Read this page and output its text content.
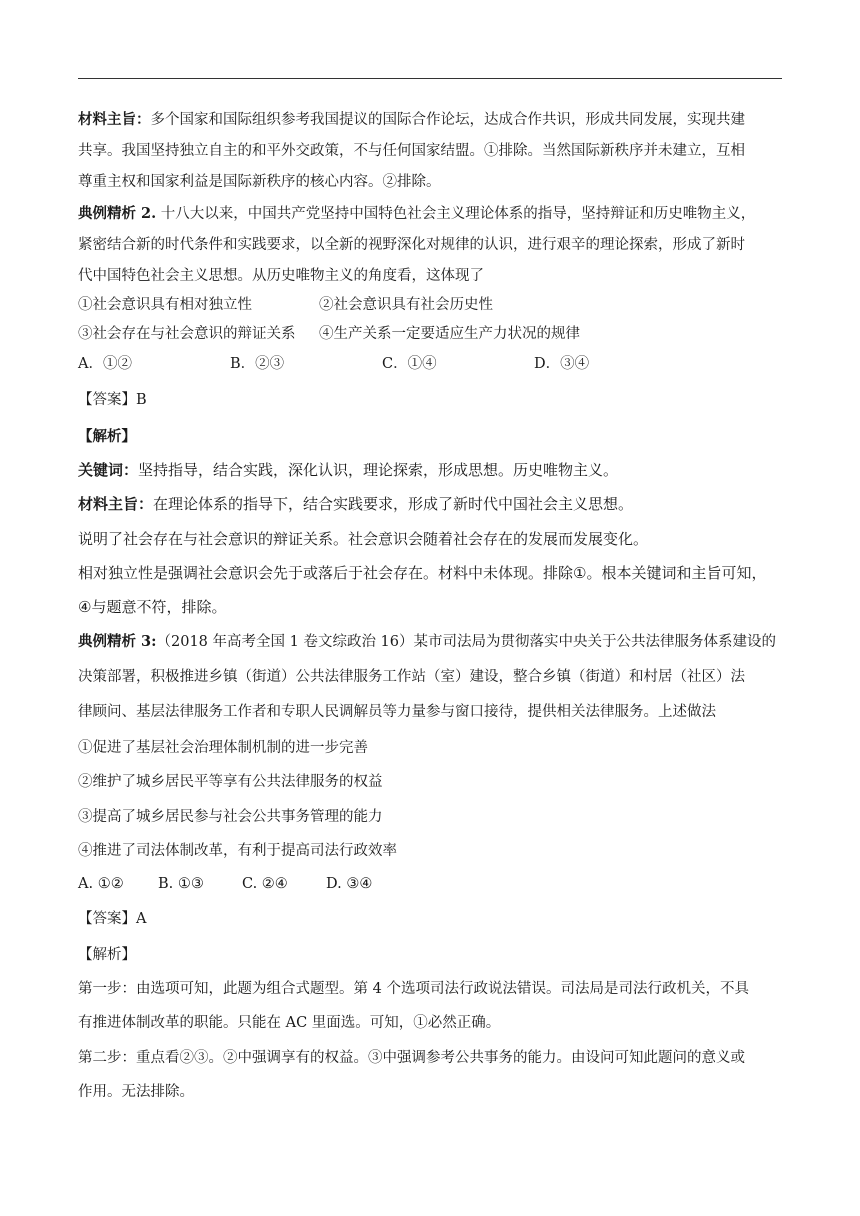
材料主旨：多个国家和国际组织参考我国提议的国际合作论坛，达成合作共识，形成共同发展，实现共建
共享。我国坚持独立自主的和平外交政策，不与任何国家结盟。①排除。当然国际新秩序并未建立，互相
尊重主权和国家利益是国际新秩序的核心内容。②排除。
典例精析 2. 十八大以来，中国共产党坚持中国特色社会主义理论体系的指导，坚持辩证和历史唯物主义，
紧密结合新的时代条件和实践要求，以全新的视野深化对规律的认识，进行艰辛的理论探索，形成了新时
代中国特色社会主义思想。从历史唯物主义的角度看，这体现了
①社会意识具有相对独立性	②社会意识具有社会历史性
③社会存在与社会意识的辩证关系 ④生产关系一定要适应生产力状况的规律
A．①②	B．②③	C．①④	D．③④
【答案】B
【解析】
关键词：坚持指导，结合实践，深化认识，理论探索，形成思想。历史唯物主义。
材料主旨：在理论体系的指导下，结合实践要求，形成了新时代中国社会主义思想。
说明了社会存在与社会意识的辩证关系。社会意识会随着社会存在的发展而发展变化。
相对独立性是强调社会意识会先于或落后于社会存在。材料中未体现。排除①。根本关键词和主旨可知，
④与题意不符，排除。
典例精析 3:（2018 年高考全国 1 卷文综政治 16）某市司法局为贯彻落实中央关于公共法律服务体系建设的
决策部署，积极推进乡镇（街道）公共法律服务工作站（室）建设，整合乡镇（街道）和村居（社区）法
律顾问、基层法律服务工作者和专职人民调解员等力量参与窗口接待，提供相关法律服务。上述做法
①促进了基层社会治理体制机制的进一步完善
②维护了城乡居民平等享有公共法律服务的权益
③提高了城乡居民参与社会公共事务管理的能力
④推进了司法体制改革，有利于提高司法行政效率
A. ①② B. ①③	C. ②④	D. ③④
【答案】A
【解析】
第一步：由选项可知，此题为组合式题型。第 4 个选项司法行政说法错误。司法局是司法行政机关，不具
有推进体制改革的职能。只能在 AC 里面选。可知，①必然正确。
第二步：重点看②③。②中强调享有的权益。③中强调参考公共事务的能力。由设问可知此题问的意义或
作用。无法排除。
